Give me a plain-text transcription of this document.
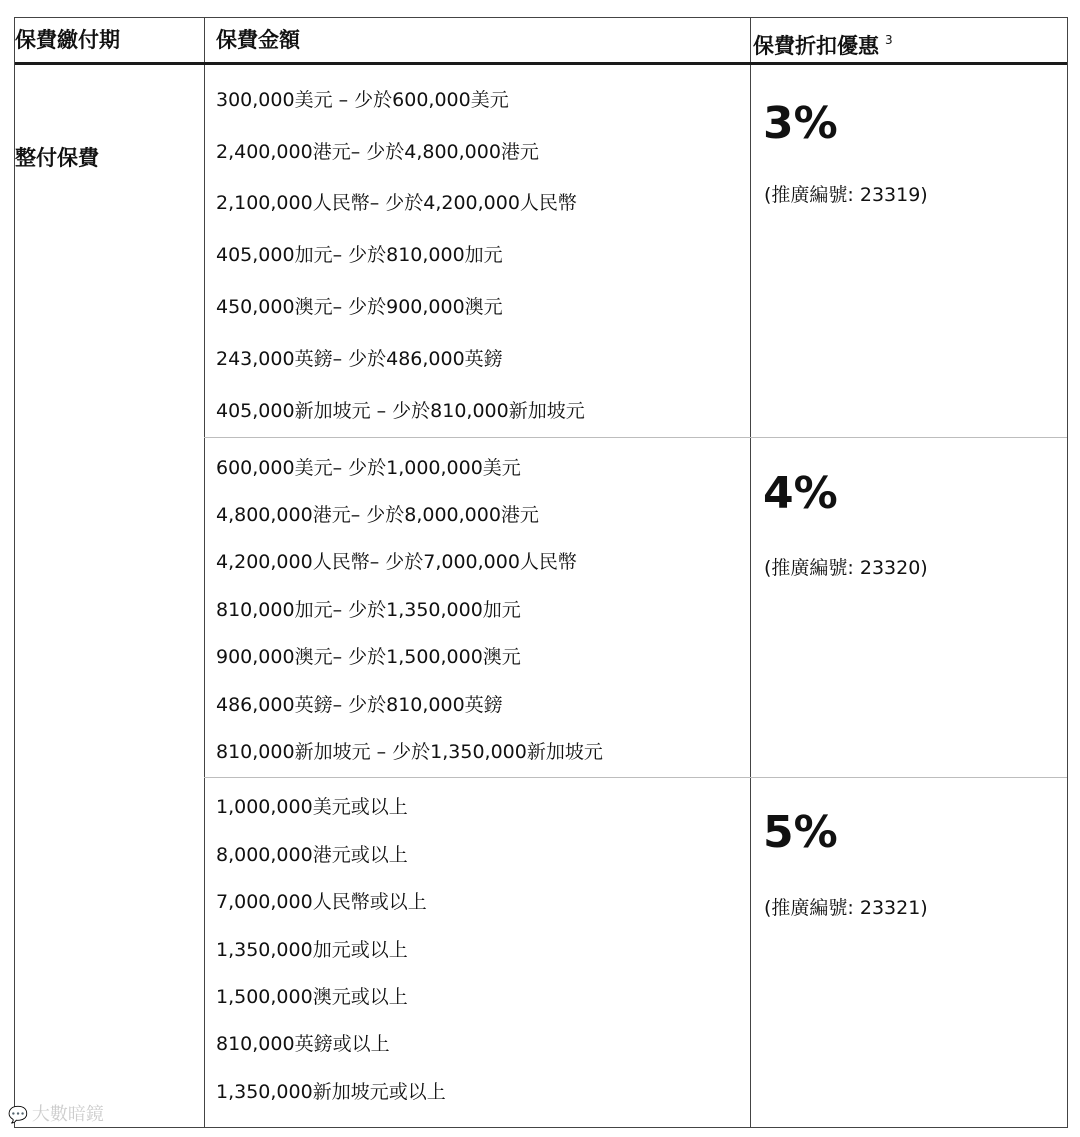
保費繳付期	保費金額	保費折扣優惠 $^3$
整付保費
300,000美元 – 少於600,000美元
2,400,000港元– 少於4,800,000港元
2,100,000人民幣– 少於4,200,000人民幣
405,000加元– 少於810,000加元
450,000澳元– 少於900,000澳元
243,000英鎊– 少於486,000英鎊
405,000新加坡元 – 少於810,000新加坡元
3%
(推廣編號: 23319)
600,000美元– 少於1,000,000美元
4,800,000港元– 少於8,000,000港元
4,200,000人民幣– 少於7,000,000人民幣
810,000加元– 少於1,350,000加元
900,000澳元– 少於1,500,000澳元
486,000英鎊– 少於810,000英鎊
810,000新加坡元 – 少於1,350,000新加坡元
4%
(推廣編號: 23320)
1,000,000美元或以上
8,000,000港元或以上
7,000,000人民幣或以上
1,350,000加元或以上
1,500,000澳元或以上
810,000英鎊或以上
1,350,000新加坡元或以上
5%
(推廣編號: 23321)
💬 大數暗鏡
